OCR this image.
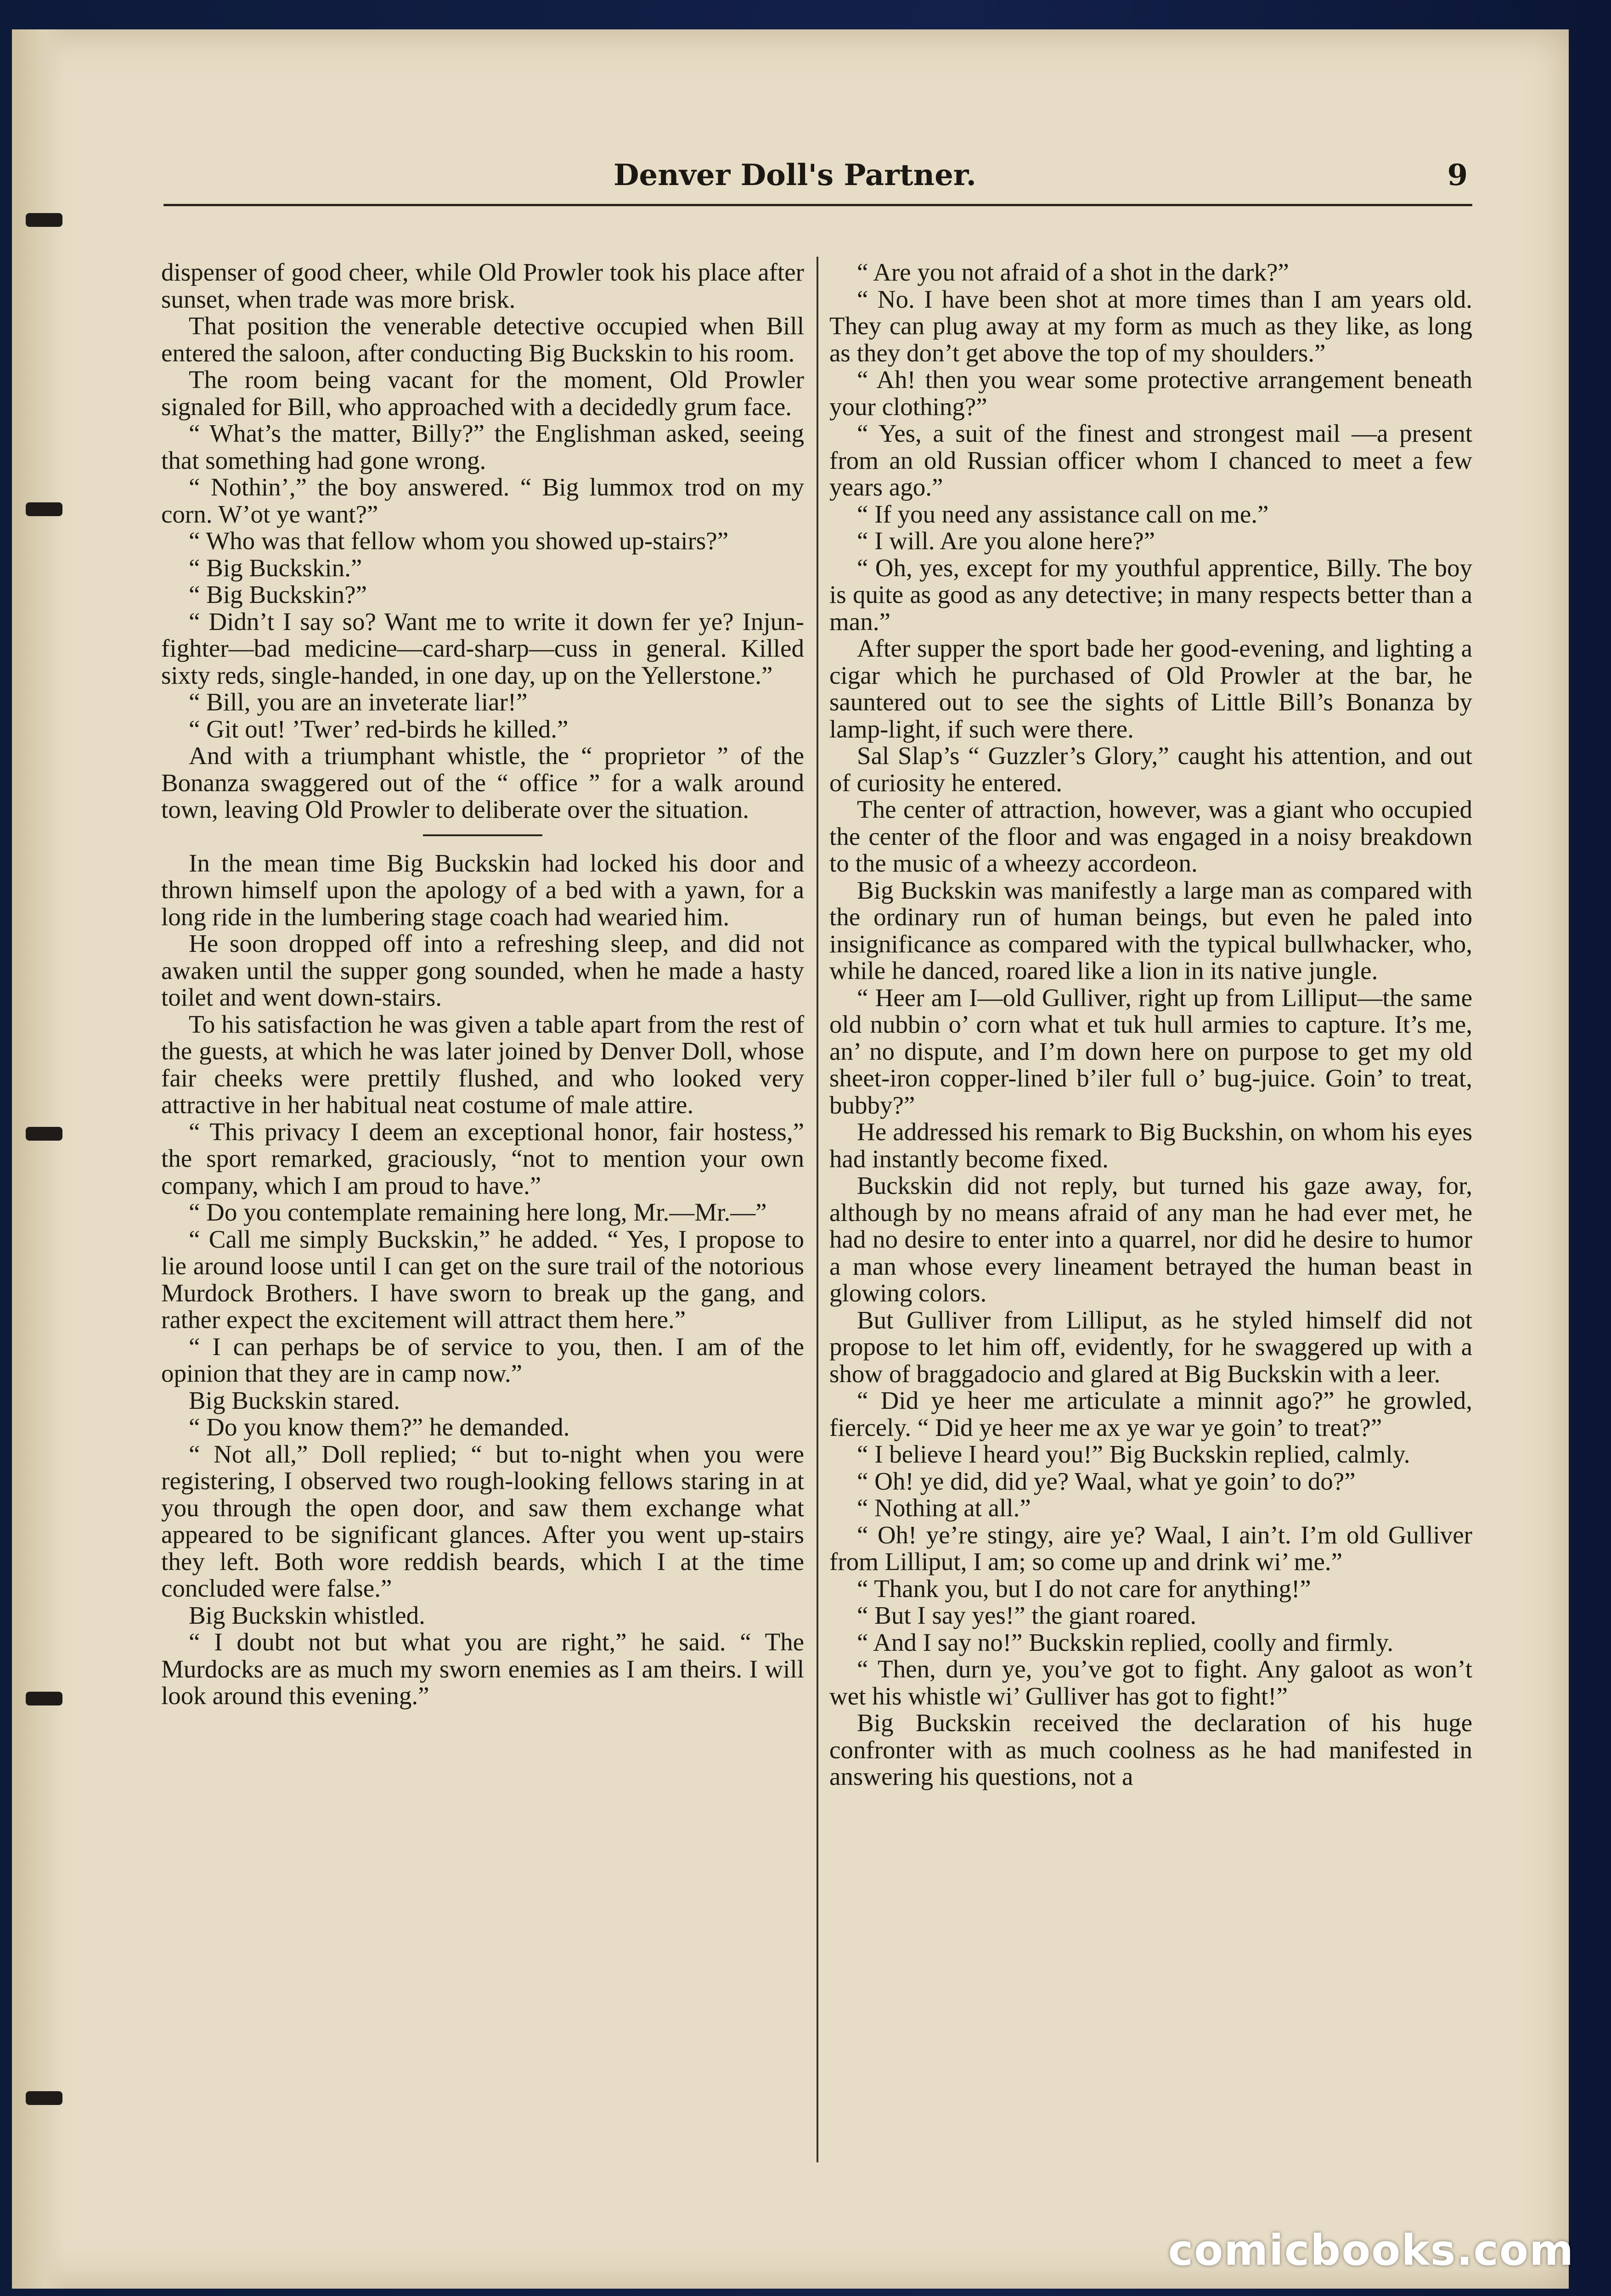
Denver Doll's Partner.	9

dispenser of good cheer, while Old Prowler took his place after sunset, when trade was more brisk.

That position the venerable detective occupied when Bill entered the saloon, after conducting Big Buckskin to his room.

The room being vacant for the moment, Old Prowler signaled for Bill, who approached with a decidedly grum face.

“ What’s the matter, Billy?” the Englishman asked, seeing that something had gone wrong.

“ Nothin’,” the boy answered. “ Big lummox trod on my corn. W’ot ye want?”

“ Who was that fellow whom you showed up-stairs?”

“ Big Buckskin.”

“ Big Buckskin?”

“ Didn’t I say so? Want me to write it down fer ye? Injun-fighter—bad medicine—card-sharp—cuss in general. Killed sixty reds, single-handed, in one day, up on the Yellerstone.”

“ Bill, you are an inveterate liar!”

“ Git out! ’Twer’ red-birds he killed.”

And with a triumphant whistle, the “ proprietor ” of the Bonanza swaggered out of the “ office ” for a walk around town, leaving Old Prowler to deliberate over the situation.

In the mean time Big Buckskin had locked his door and thrown himself upon the apology of a bed with a yawn, for a long ride in the lumbering stage coach had wearied him.

He soon dropped off into a refreshing sleep, and did not awaken until the supper gong sounded, when he made a hasty toilet and went down-stairs.

To his satisfaction he was given a table apart from the rest of the guests, at which he was later joined by Denver Doll, whose fair cheeks were prettily flushed, and who looked very attractive in her habitual neat costume of male attire.

“ This privacy I deem an exceptional honor, fair hostess,” the sport remarked, graciously, “not to mention your own company, which I am proud to have.”

“ Do you contemplate remaining here long, Mr.—Mr.—”

“ Call me simply Buckskin,” he added. “ Yes, I propose to lie around loose until I can get on the sure trail of the notorious Murdock Brothers. I have sworn to break up the gang, and rather expect the excitement will attract them here.”

“ I can perhaps be of service to you, then. I am of the opinion that they are in camp now.”

Big Buckskin stared.

“ Do you know them?” he demanded.

“ Not all,” Doll replied; “ but to-night when you were registering, I observed two rough-looking fellows staring in at you through the open door, and saw them exchange what appeared to be significant glances. After you went up-stairs they left. Both wore reddish beards, which I at the time concluded were false.”

Big Buckskin whistled.

“ I doubt not but what you are right,” he said. “ The Murdocks are as much my sworn enemies as I am theirs. I will look around this evening.”

“ Are you not afraid of a shot in the dark?”

“ No. I have been shot at more times than I am years old. They can plug away at my form as much as they like, as long as they don’t get above the top of my shoulders.”

“ Ah! then you wear some protective arrangement beneath your clothing?”

“ Yes, a suit of the finest and strongest mail —a present from an old Russian officer whom I chanced to meet a few years ago.”

“ If you need any assistance call on me.”

“ I will. Are you alone here?”

“ Oh, yes, except for my youthful apprentice, Billy. The boy is quite as good as any detective; in many respects better than a man.”

After supper the sport bade her good-evening, and lighting a cigar which he purchased of Old Prowler at the bar, he sauntered out to see the sights of Little Bill’s Bonanza by lamp-light, if such were there.

Sal Slap’s “ Guzzler’s Glory,” caught his attention, and out of curiosity he entered.

The center of attraction, however, was a giant who occupied the center of the floor and was engaged in a noisy breakdown to the music of a wheezy accordeon.

Big Buckskin was manifestly a large man as compared with the ordinary run of human beings, but even he paled into insignificance as compared with the typical bullwhacker, who, while he danced, roared like a lion in its native jungle.

“ Heer am I—old Gulliver, right up from Lilliput—the same old nubbin o’ corn what et tuk hull armies to capture. It’s me, an’ no dispute, and I’m down here on purpose to get my old sheet-iron copper-lined b’iler full o’ bug-juice. Goin’ to treat, bubby?”

He addressed his remark to Big Buckshin, on whom his eyes had instantly become fixed.

Buckskin did not reply, but turned his gaze away, for, although by no means afraid of any man he had ever met, he had no desire to enter into a quarrel, nor did he desire to humor a man whose every lineament betrayed the human beast in glowing colors.

But Gulliver from Lilliput, as he styled himself did not propose to let him off, evidently, for he swaggered up with a show of braggadocio and glared at Big Buckskin with a leer.

“ Did ye heer me articulate a minnit ago?” he growled, fiercely. “ Did ye heer me ax ye war ye goin’ to treat?”

“ I believe I heard you!” Big Buckskin replied, calmly.

“ Oh! ye did, did ye? Waal, what ye goin’ to do?”

“ Nothing at all.”

“ Oh! ye’re stingy, aire ye? Waal, I ain’t. I’m old Gulliver from Lilliput, I am; so come up and drink wi’ me.”

“ Thank you, but I do not care for anything!”

“ But I say yes!” the giant roared.

“ And I say no!” Buckskin replied, coolly and firmly.

“ Then, durn ye, you’ve got to fight. Any galoot as won’t wet his whistle wi’ Gulliver has got to fight!”

Big Buckskin received the declaration of his huge confronter with as much coolness as he had manifested in answering his questions, not a

comicbooks.com
